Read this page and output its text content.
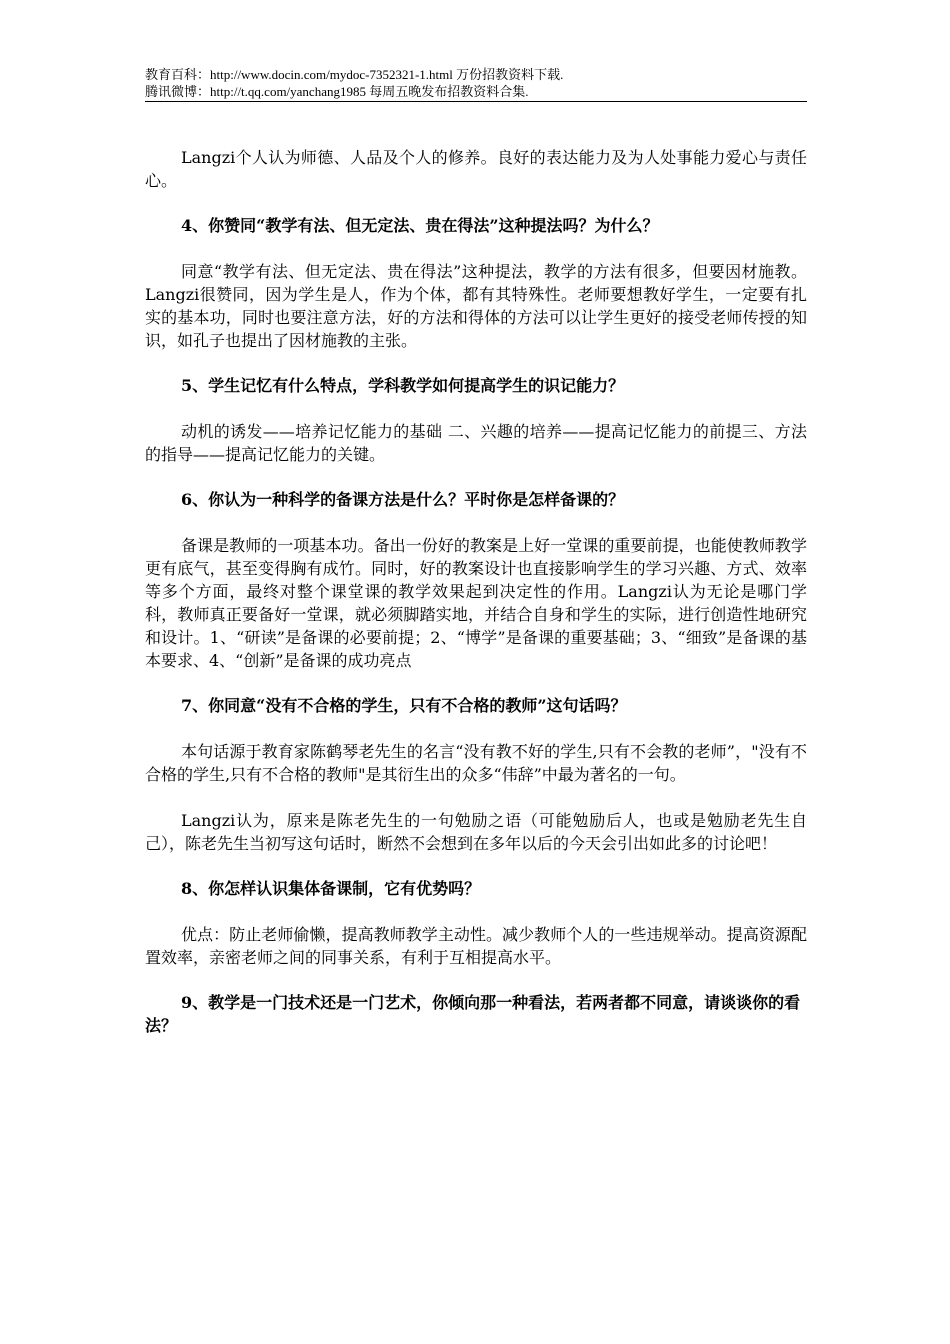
教育百科：http://www.docin.com/mydoc-7352321-1.html 万份招教资料下载.
腾讯微博：http://t.qq.com/yanchang1985 每周五晚发布招教资料合集.

Langzi个人认为师德、人品及个人的修养。良好的表达能力及为人处事能力爱心与责任心。

4、你赞同“教学有法、但无定法、贵在得法”这种提法吗？为什么？

同意“教学有法、但无定法、贵在得法”这种提法，教学的方法有很多，但要因材施教。Langzi很赞同，因为学生是人，作为个体，都有其特殊性。老师要想教好学生，一定要有扎实的基本功，同时也要注意方法，好的方法和得体的方法可以让学生更好的接受老师传授的知识，如孔子也提出了因材施教的主张。

5、学生记忆有什么特点，学科教学如何提高学生的识记能力？

动机的诱发——培养记忆能力的基础 二、兴趣的培养——提高记忆能力的前提三、方法的指导——提高记忆能力的关键。

6、你认为一种科学的备课方法是什么？平时你是怎样备课的？

备课是教师的一项基本功。备出一份好的教案是上好一堂课的重要前提，也能使教师教学更有底气，甚至变得胸有成竹。同时，好的教案设计也直接影响学生的学习兴趣、方式、效率等多个方面，最终对整个课堂课的教学效果起到决定性的作用。Langzi认为无论是哪门学科，教师真正要备好一堂课，就必须脚踏实地，并结合自身和学生的实际，进行创造性地研究和设计。1、“研读”是备课的必要前提；2、“博学”是备课的重要基础；3、“细致”是备课的基本要求、4、“创新”是备课的成功亮点

7、你同意“没有不合格的学生，只有不合格的教师”这句话吗？

本句话源于教育家陈鹤琴老先生的名言“没有教不好的学生,只有不会教的老师”，"没有不合格的学生,只有不合格的教师"是其衍生出的众多“伟辞”中最为著名的一句。

Langzi认为，原来是陈老先生的一句勉励之语（可能勉励后人，也或是勉励老先生自己），陈老先生当初写这句话时，断然不会想到在多年以后的今天会引出如此多的讨论吧！

8、你怎样认识集体备课制，它有优势吗？

优点：防止老师偷懒，提高教师教学主动性。减少教师个人的一些违规举动。提高资源配置效率，亲密老师之间的同事关系，有利于互相提高水平。

9、教学是一门技术还是一门艺术，你倾向那一种看法，若两者都不同意，请谈谈你的看法？
